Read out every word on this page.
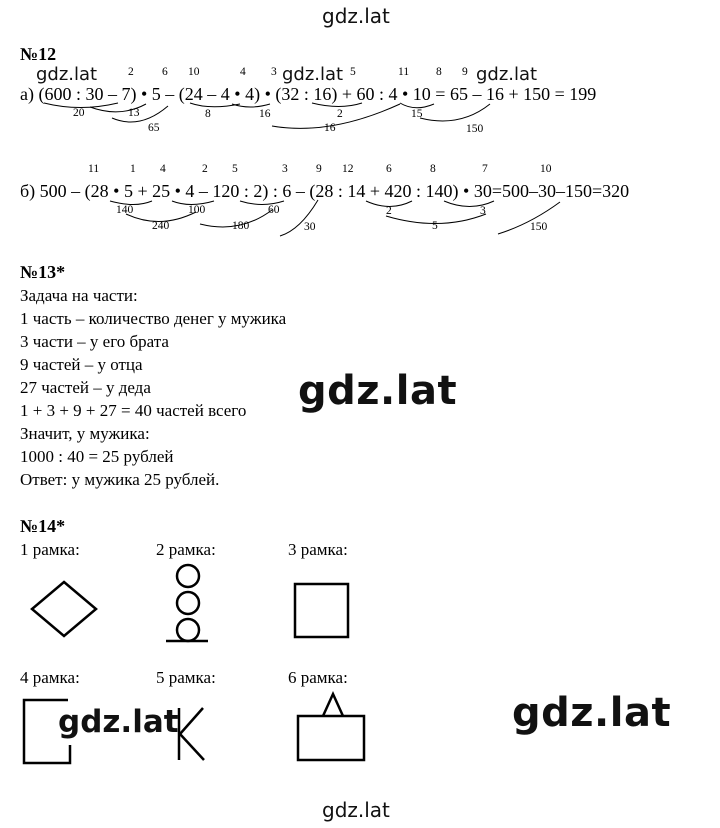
gdz.lat
gdz.lat
№12
gdz.lat	gdz.lat	gdz.lat
2 6 10	4 3	5	11 8 9
а) (600 : 30 – 7) • 5 – (24 – 4 • 4) • (32 : 16) + 60 : 4 • 10 = 65 – 16 + 150 = 199
20	13
65
8	16	2
16
15
150
11	1 4	2 5	3 9 12	6	8	7	10
б) 500 – (28 • 5 + 25 • 4 – 120 : 2) : 6 – (28 : 14 + 420 : 140) • 30=500–30–150=320
140	100	60
240	180	30
2	3
5	150
№13*
Задача на части:
1 часть – количество денег у мужика
3 части – у его брата
9 частей – у отца
27 частей – у деда
1 + 3 + 9 + 27 = 40 частей всего
Значит, у мужика:
1000 : 40 = 25 рублей
Ответ: у мужика 25 рублей.
gdz.lat
№14*
1 рамка:	2 рамка:	3 рамка:
4 рамка:	5 рамка:	6 рамка:
gdz.lat	gdz.lat
